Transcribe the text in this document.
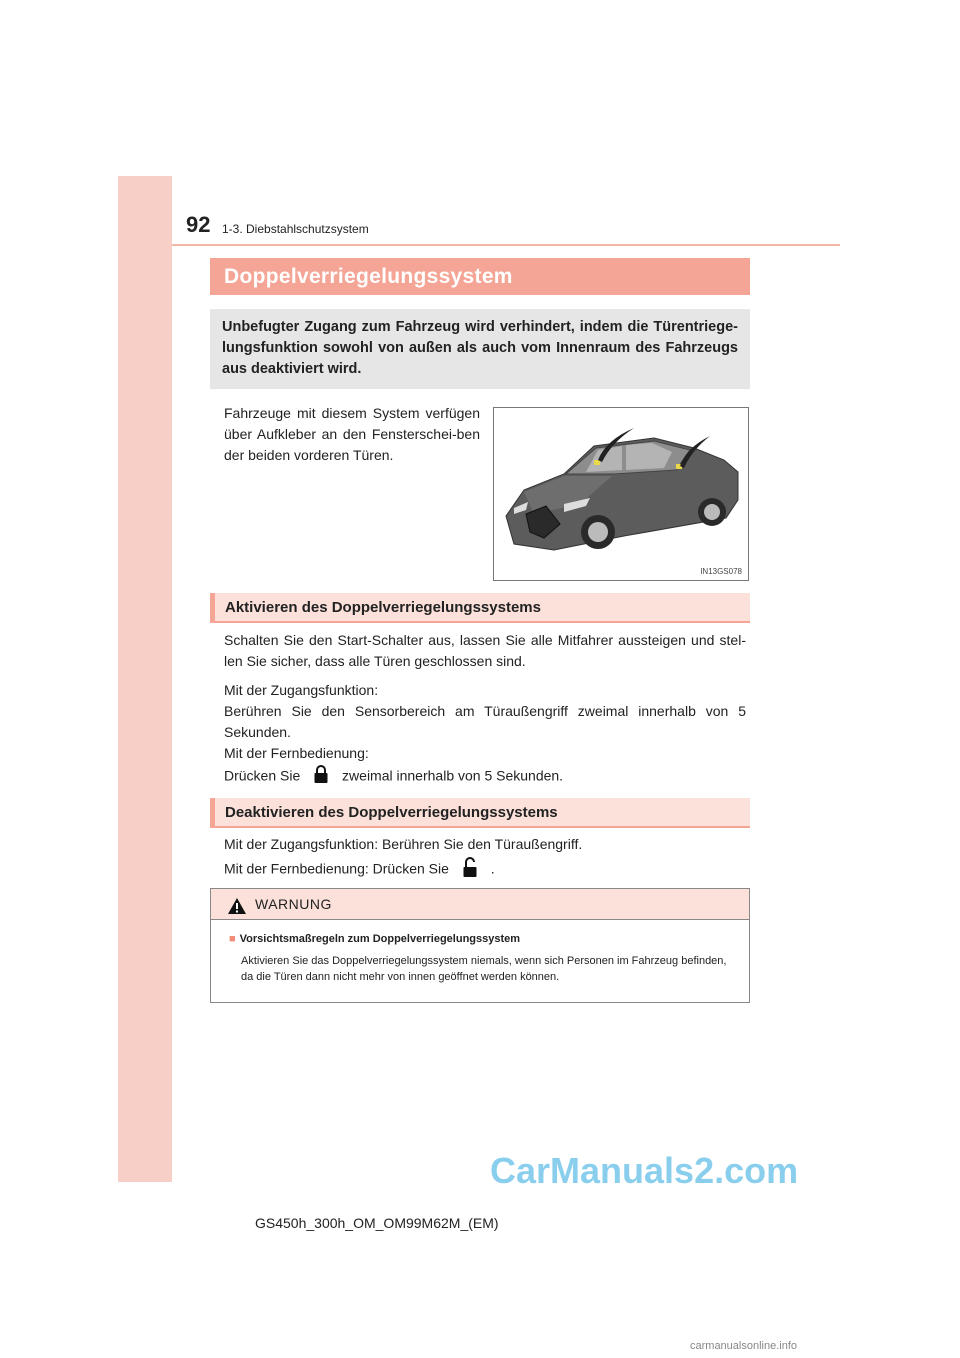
92 1-3. Diebstahlschutzsystem
Doppelverriegelungssystem
Unbefugter Zugang zum Fahrzeug wird verhindert, indem die Türentriege-lungsfunktion sowohl von außen als auch vom Innenraum des Fahrzeugs aus deaktiviert wird.
Fahrzeuge mit diesem System verfügen über Aufkleber an den Fensterschei-ben der beiden vorderen Türen.
IN13GS078
Aktivieren des Doppelverriegelungssystems
Schalten Sie den Start-Schalter aus, lassen Sie alle Mitfahrer aussteigen und stel-len Sie sicher, dass alle Türen geschlossen sind.
Mit der Zugangsfunktion:
Berühren Sie den Sensorbereich am Türaußengriff zweimal innerhalb von 5 Sekunden.
Mit der Fernbedienung:
Drücken Sie	zweimal innerhalb von 5 Sekunden.
Deaktivieren des Doppelverriegelungssystems
Mit der Zugangsfunktion: Berühren Sie den Türaußengriff.
Mit der Fernbedienung: Drücken Sie	.
WARNUNG
■ Vorsichtsmaßregeln zum Doppelverriegelungssystem
Aktivieren Sie das Doppelverriegelungssystem niemals, wenn sich Personen im Fahrzeug befinden, da die Türen dann nicht mehr von innen geöffnet werden können.
CarManuals2.com
GS450h_300h_OM_OM99M62M_(EM)
carmanualsonline.info
